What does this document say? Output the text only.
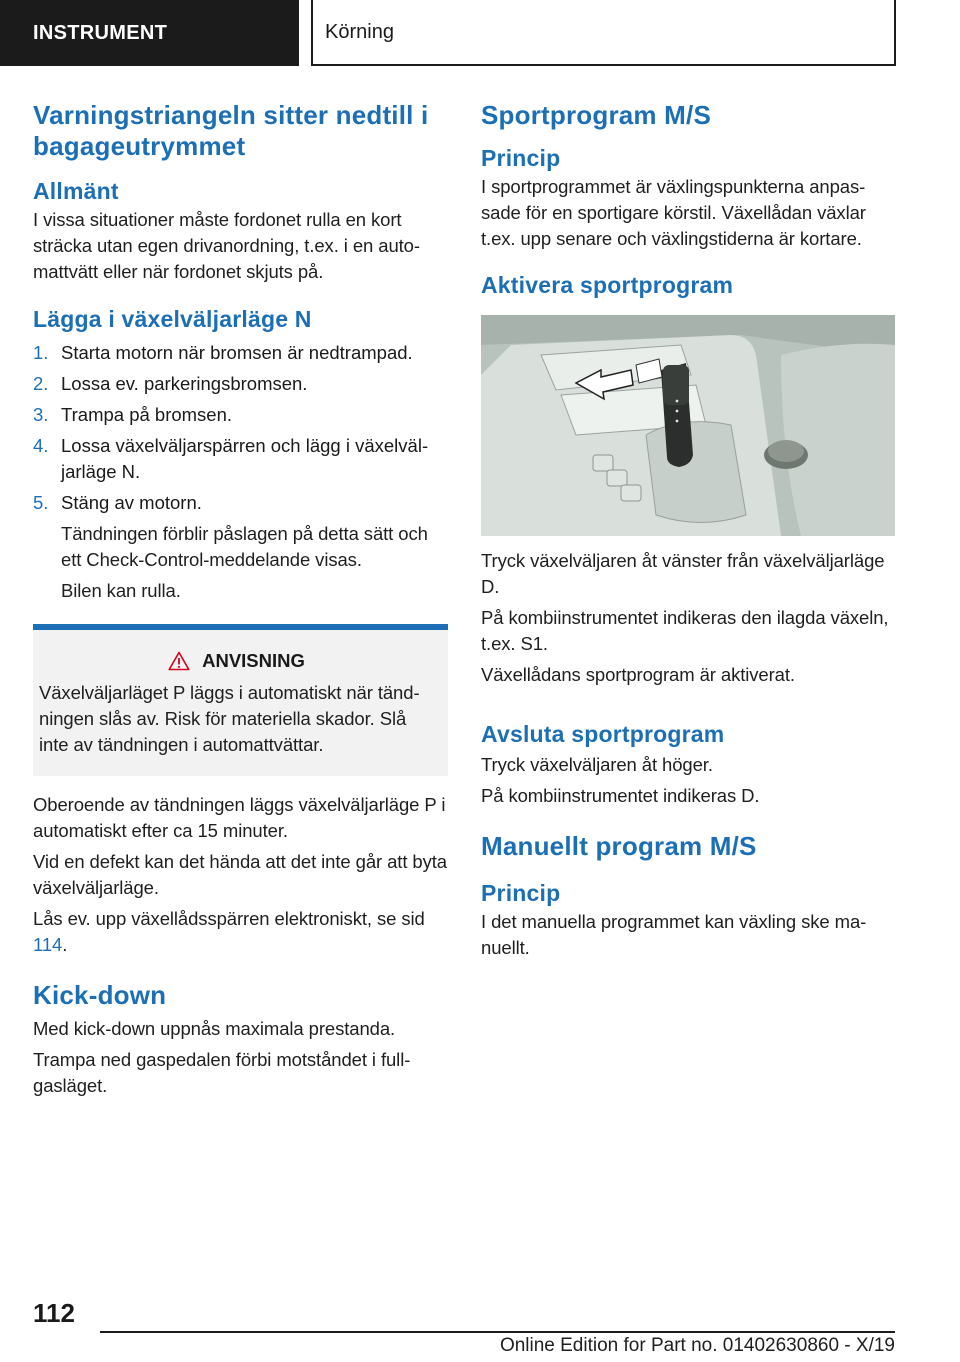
INSTRUMENT	Körning
Varningstriangeln sitter nedtill i bagageutrymmet
Allmänt

I vissa situationer måste fordonet rulla en kort sträcka utan egen drivanordning, t.ex. i en automattvätt eller när fordonet skjuts på.

Lägga i växelväljarläge N
1. Starta motorn när bromsen är nedtrampad.
2. Lossa ev. parkeringsbromsen.
3. Trampa på bromsen.
4. Lossa växelväljarspärren och lägg i växelväljarläge N.
5. Stäng av motorn.

Tändningen förblir påslagen på detta sätt och ett Check-Control-meddelande visas.

Bilen kan rulla.

ANVISNING

Växelväljarläget P läggs i automatiskt när tändningen slås av. Risk för materiella skador. Slå inte av tändningen i automattvättar.

Oberoende av tändningen läggs växelväljarläge P i automatiskt efter ca 15 minuter.

Vid en defekt kan det hända att det inte går att byta växelväljarläge.

Lås ev. upp växellådsspärren elektroniskt, se sid 114.

Kick-down

Med kick-down uppnås maximala prestanda.

Trampa ned gaspedalen förbi motståndet i fullgasläget.

Sportprogram M/S
Princip

I sportprogrammet är växlingspunkterna anpassade för en sportigare körstil. Växellådan växlar t.ex. upp senare och växlingstiderna är kortare.

Aktivera sportprogram

Tryck växelväljaren åt vänster från växelväljarläge D.

På kombiinstrumentet indikeras den ilagda växeln, t.ex. S1.

Växellådans sportprogram är aktiverat.

Avsluta sportprogram

Tryck växelväljaren åt höger.

På kombiinstrumentet indikeras D.

Manuellt program M/S
Princip

I det manuella programmet kan växling ske manuellt.

112
Online Edition for Part no. 01402630860 - X/19
